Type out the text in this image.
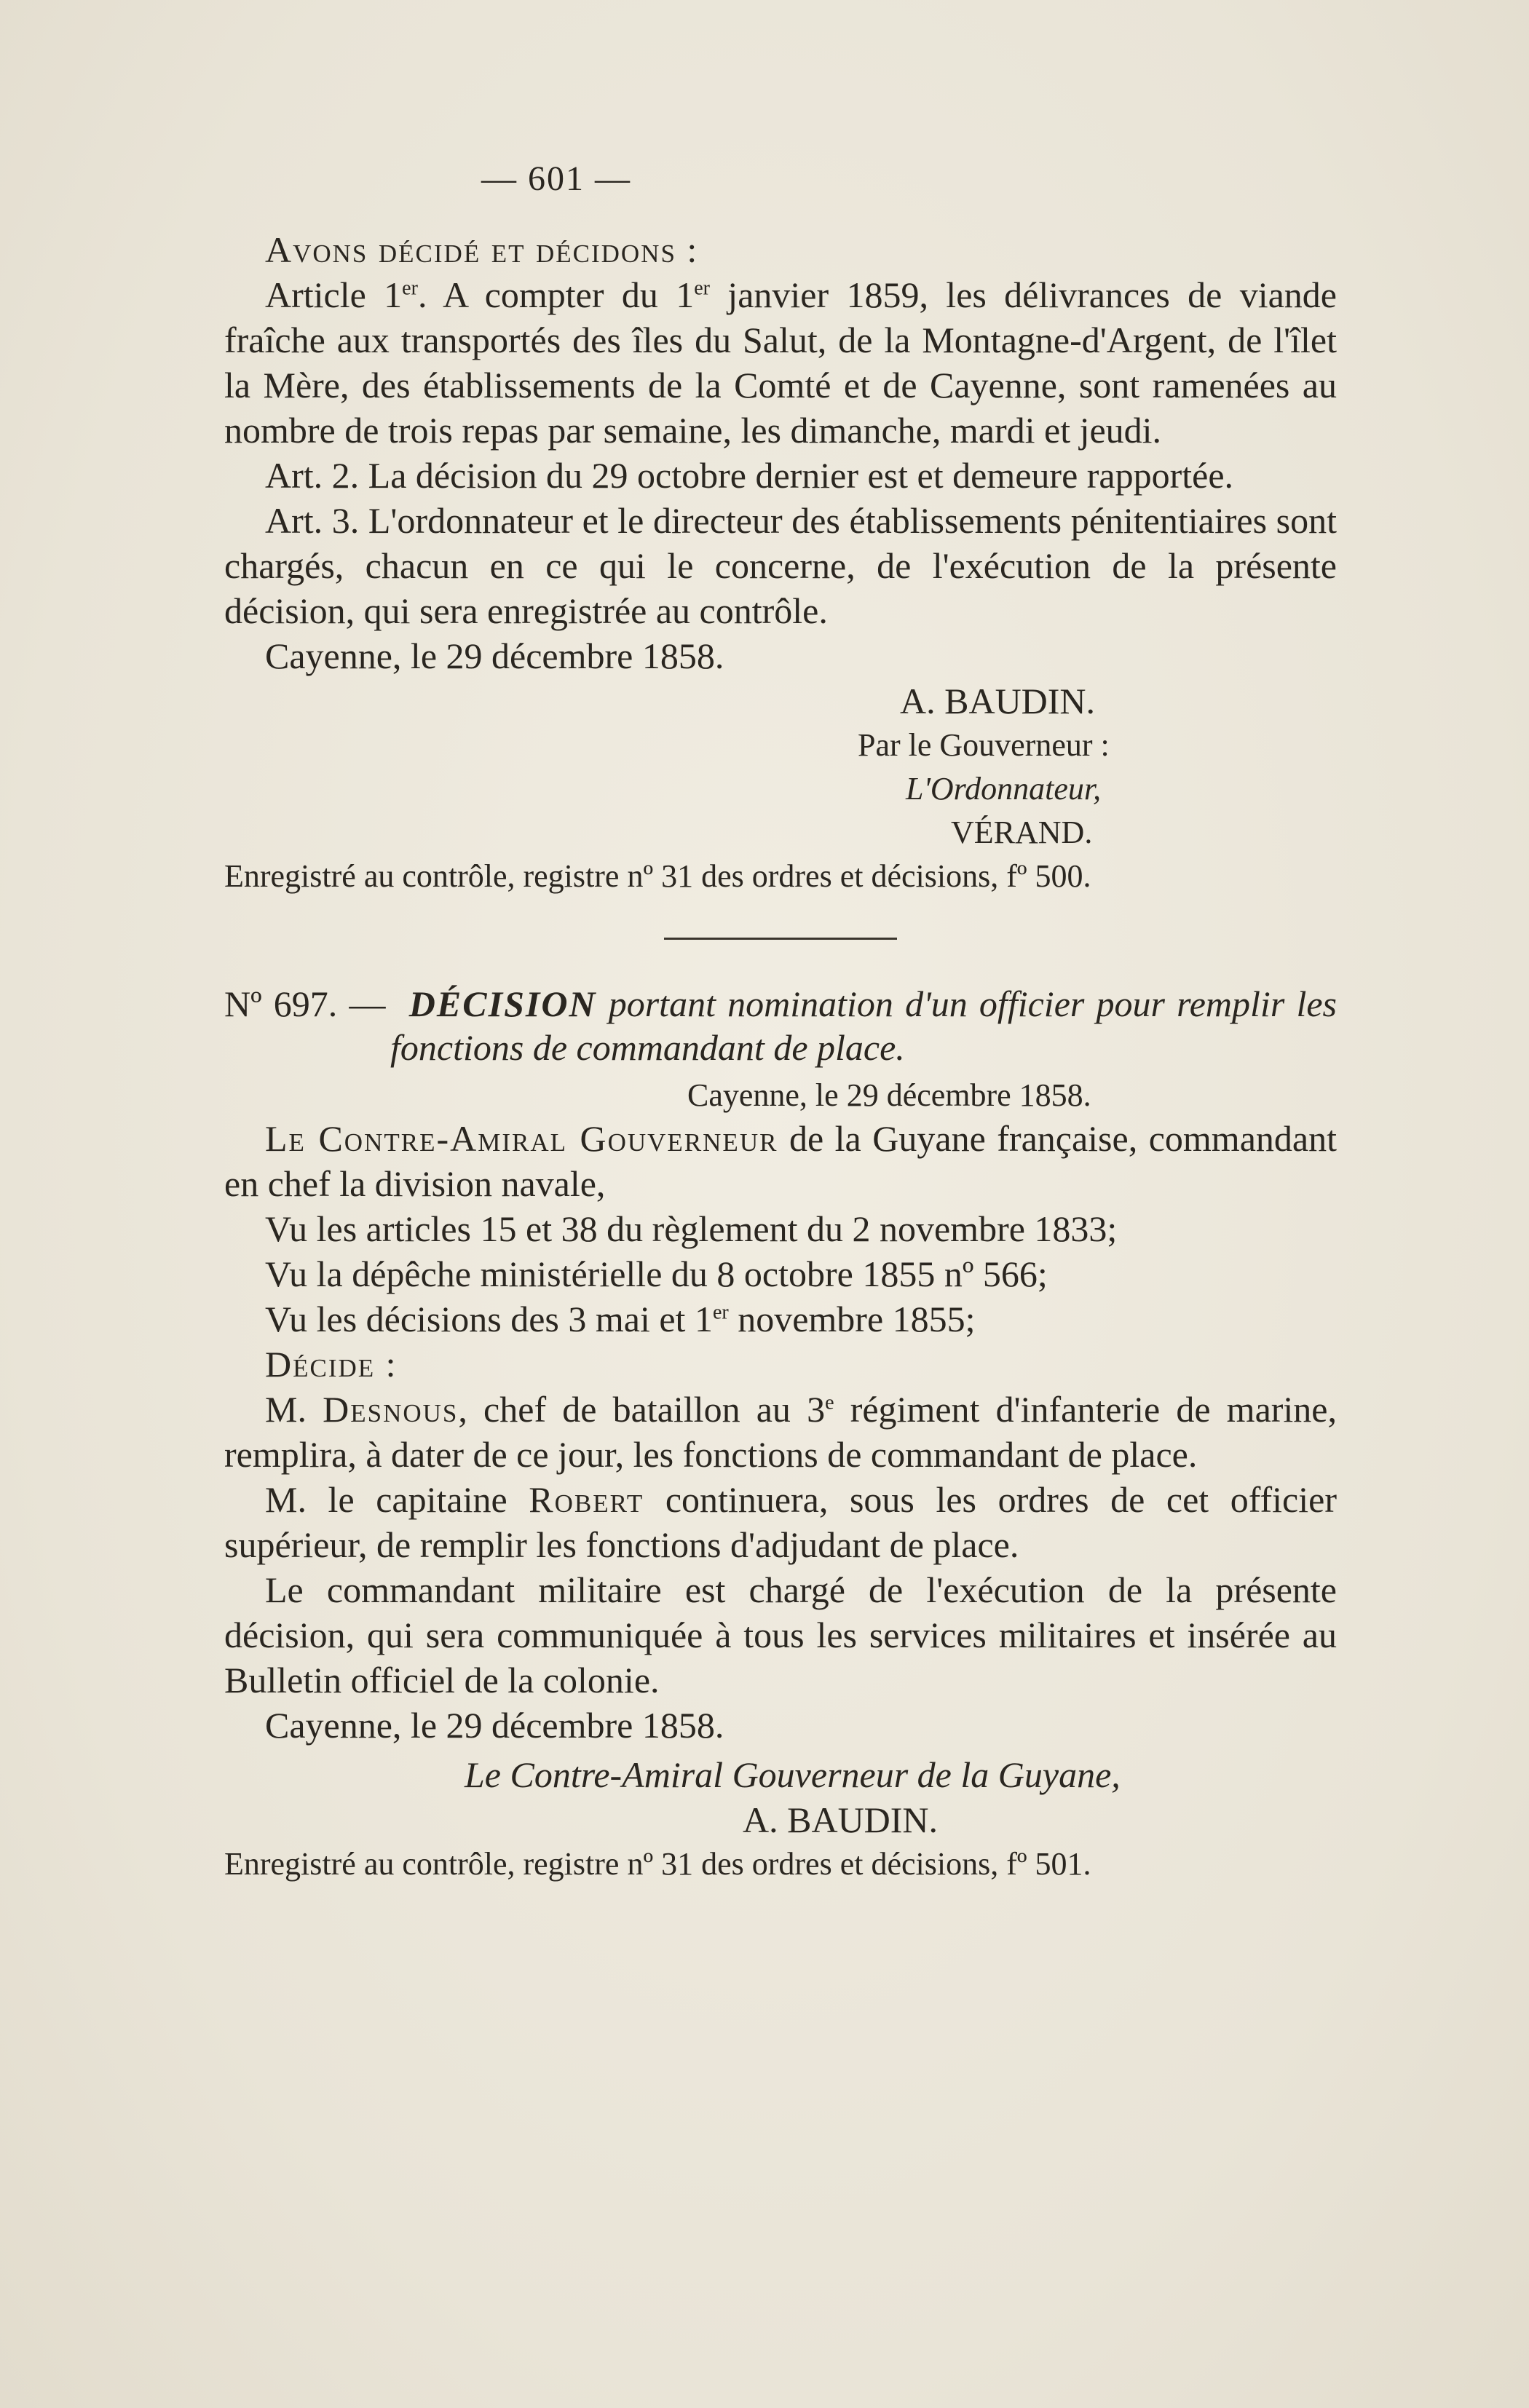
— 601 —

Avons décidé et décidons :

Article 1er. A compter du 1er janvier 1859, les délivrances de viande fraîche aux transportés des îles du Salut, de la Montagne-d'Argent, de l'îlet la Mère, des établissements de la Comté et de Cayenne, sont ramenées au nombre de trois repas par semaine, les dimanche, mardi et jeudi.

Art. 2. La décision du 29 octobre dernier est et demeure rapportée.

Art. 3. L'ordonnateur et le directeur des établissements pénitentiaires sont chargés, chacun en ce qui le concerne, de l'exécution de la présente décision, qui sera enregistrée au contrôle.

Cayenne, le 29 décembre 1858.

A. BAUDIN.

Par le Gouverneur :

L'Ordonnateur,

VÉRAND.

Enregistré au contrôle, registre nº 31 des ordres et décisions, fº 500.

Nº 697. — DÉCISION portant nomination d'un officier pour remplir les fonctions de commandant de place.

Cayenne, le 29 décembre 1858.

Le Contre-Amiral Gouverneur de la Guyane française, commandant en chef la division navale,

Vu les articles 15 et 38 du règlement du 2 novembre 1833;

Vu la dépêche ministérielle du 8 octobre 1855 nº 566;

Vu les décisions des 3 mai et 1er novembre 1855;

Décide :

M. Desnous, chef de bataillon au 3e régiment d'infanterie de marine, remplira, à dater de ce jour, les fonctions de commandant de place.

M. le capitaine Robert continuera, sous les ordres de cet officier supérieur, de remplir les fonctions d'adjudant de place.

Le commandant militaire est chargé de l'exécution de la présente décision, qui sera communiquée à tous les services militaires et insérée au Bulletin officiel de la colonie.

Cayenne, le 29 décembre 1858.

Le Contre-Amiral Gouverneur de la Guyane,

A. BAUDIN.

Enregistré au contrôle, registre nº 31 des ordres et décisions, fº 501.
